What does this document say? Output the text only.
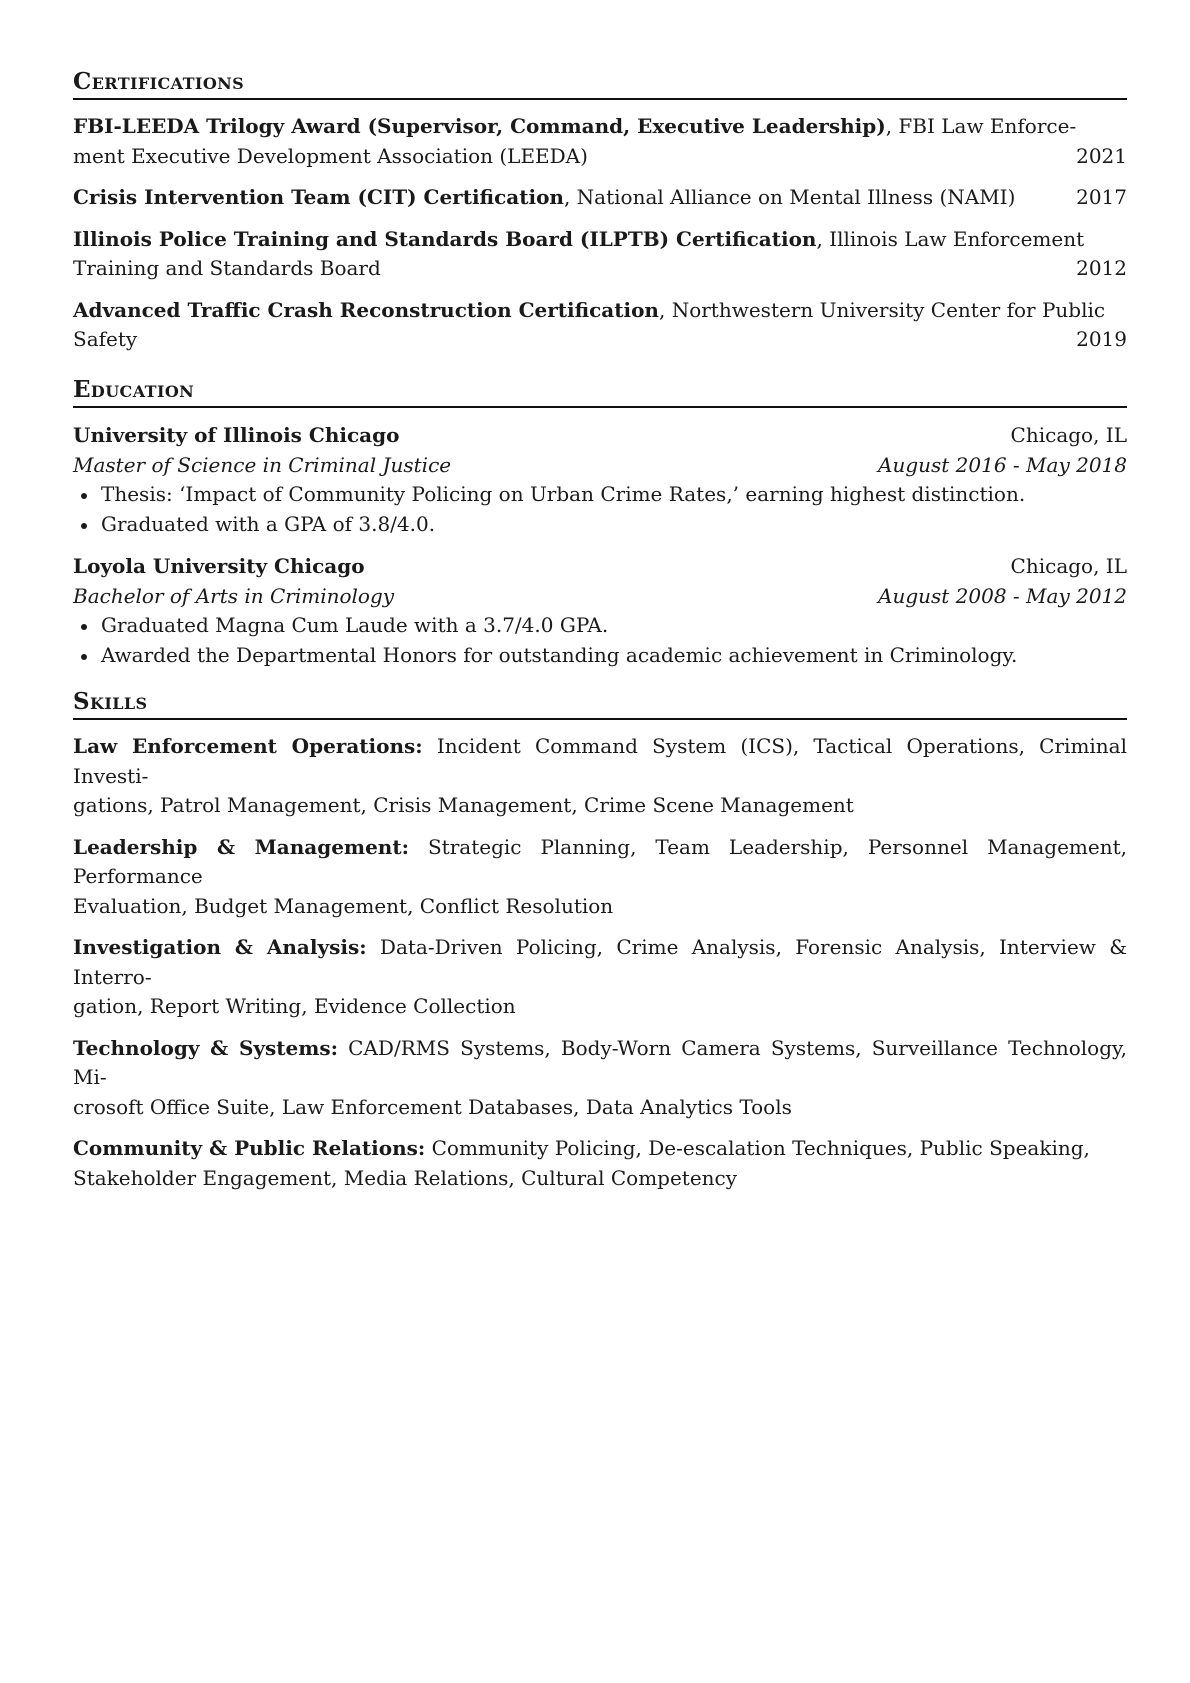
Certifications
FBI-LEEDA Trilogy Award (Supervisor, Command, Executive Leadership), FBI Law Enforce-
ment Executive Development Association (LEEDA)	2021
Crisis Intervention Team (CIT) Certification, National Alliance on Mental Illness (NAMI)	2017
Illinois Police Training and Standards Board (ILPTB) Certification, Illinois Law Enforcement
Training and Standards Board	2012
Advanced Traffic Crash Reconstruction Certification, Northwestern University Center for Public
Safety	2019
Education
University of Illinois Chicago	Chicago, IL
Master of Science in Criminal Justice	August 2016 - May 2018
Thesis: ‘Impact of Community Policing on Urban Crime Rates,’ earning highest distinction.
Graduated with a GPA of 3.8/4.0.
Loyola University Chicago	Chicago, IL
Bachelor of Arts in Criminology	August 2008 - May 2012
Graduated Magna Cum Laude with a 3.7/4.0 GPA.
Awarded the Departmental Honors for outstanding academic achievement in Criminology.
Skills
Law Enforcement Operations: Incident Command System (ICS), Tactical Operations, Criminal Investi-
gations, Patrol Management, Crisis Management, Crime Scene Management
Leadership & Management: Strategic Planning, Team Leadership, Personnel Management, Performance
Evaluation, Budget Management, Conflict Resolution
Investigation & Analysis: Data-Driven Policing, Crime Analysis, Forensic Analysis, Interview & Interro-
gation, Report Writing, Evidence Collection
Technology & Systems: CAD/RMS Systems, Body-Worn Camera Systems, Surveillance Technology, Mi-
crosoft Office Suite, Law Enforcement Databases, Data Analytics Tools
Community & Public Relations: Community Policing, De-escalation Techniques, Public Speaking,
Stakeholder Engagement, Media Relations, Cultural Competency
